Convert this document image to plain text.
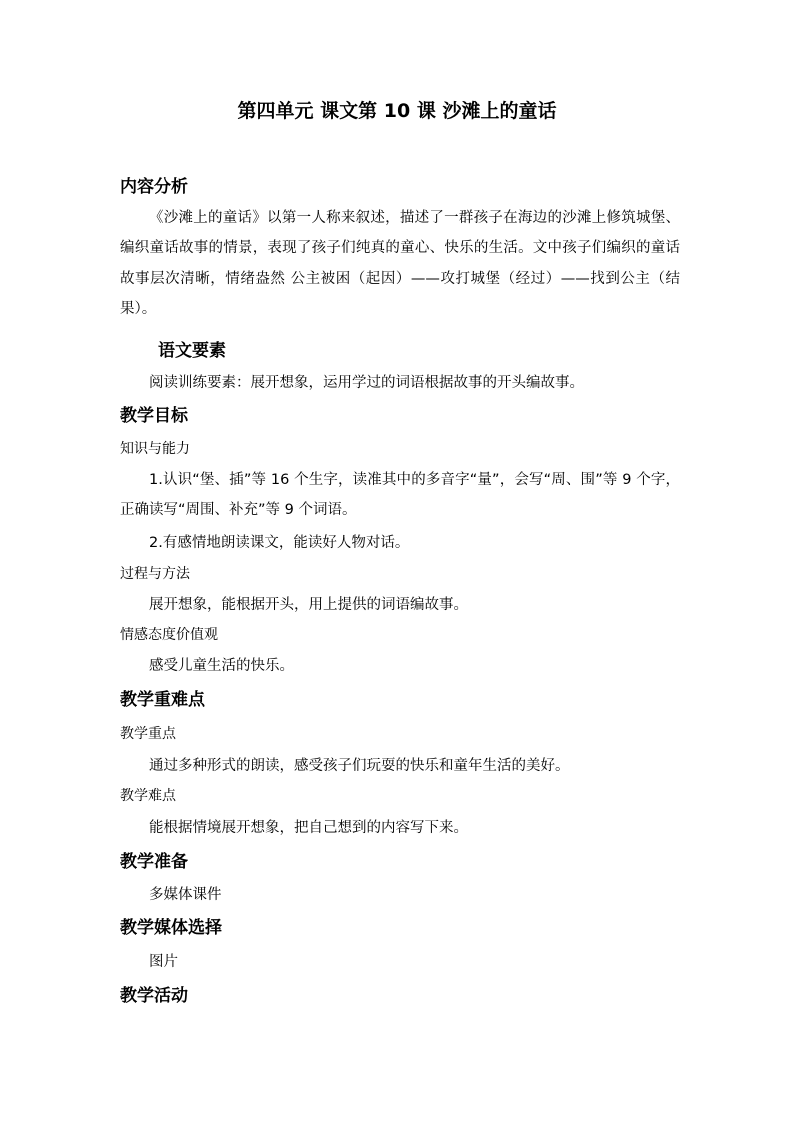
第四单元 课文第 10 课 沙滩上的童话
内容分析
《沙滩上的童话》以第一人称来叙述，描述了一群孩子在海边的沙滩上修筑城堡、编织童话故事的情景，表现了孩子们纯真的童心、快乐的生活。文中孩子们编织的童话故事层次清晰，情绪盎然 公主被困（起因）——攻打城堡（经过）——找到公主（结果）。
语文要素
阅读训练要素：展开想象，运用学过的词语根据故事的开头编故事。
教学目标
知识与能力
1.认识“堡、插”等 16 个生字，读准其中的多音字“量”，会写“周、围”等 9 个字，正确读写“周围、补充”等 9 个词语。
2.有感情地朗读课文，能读好人物对话。
过程与方法
展开想象，能根据开头，用上提供的词语编故事。
情感态度价值观
感受儿童生活的快乐。
教学重难点
教学重点
通过多种形式的朗读，感受孩子们玩耍的快乐和童年生活的美好。
教学难点
能根据情境展开想象，把自己想到的内容写下来。
教学准备
多媒体课件
教学媒体选择
图片
教学活动
